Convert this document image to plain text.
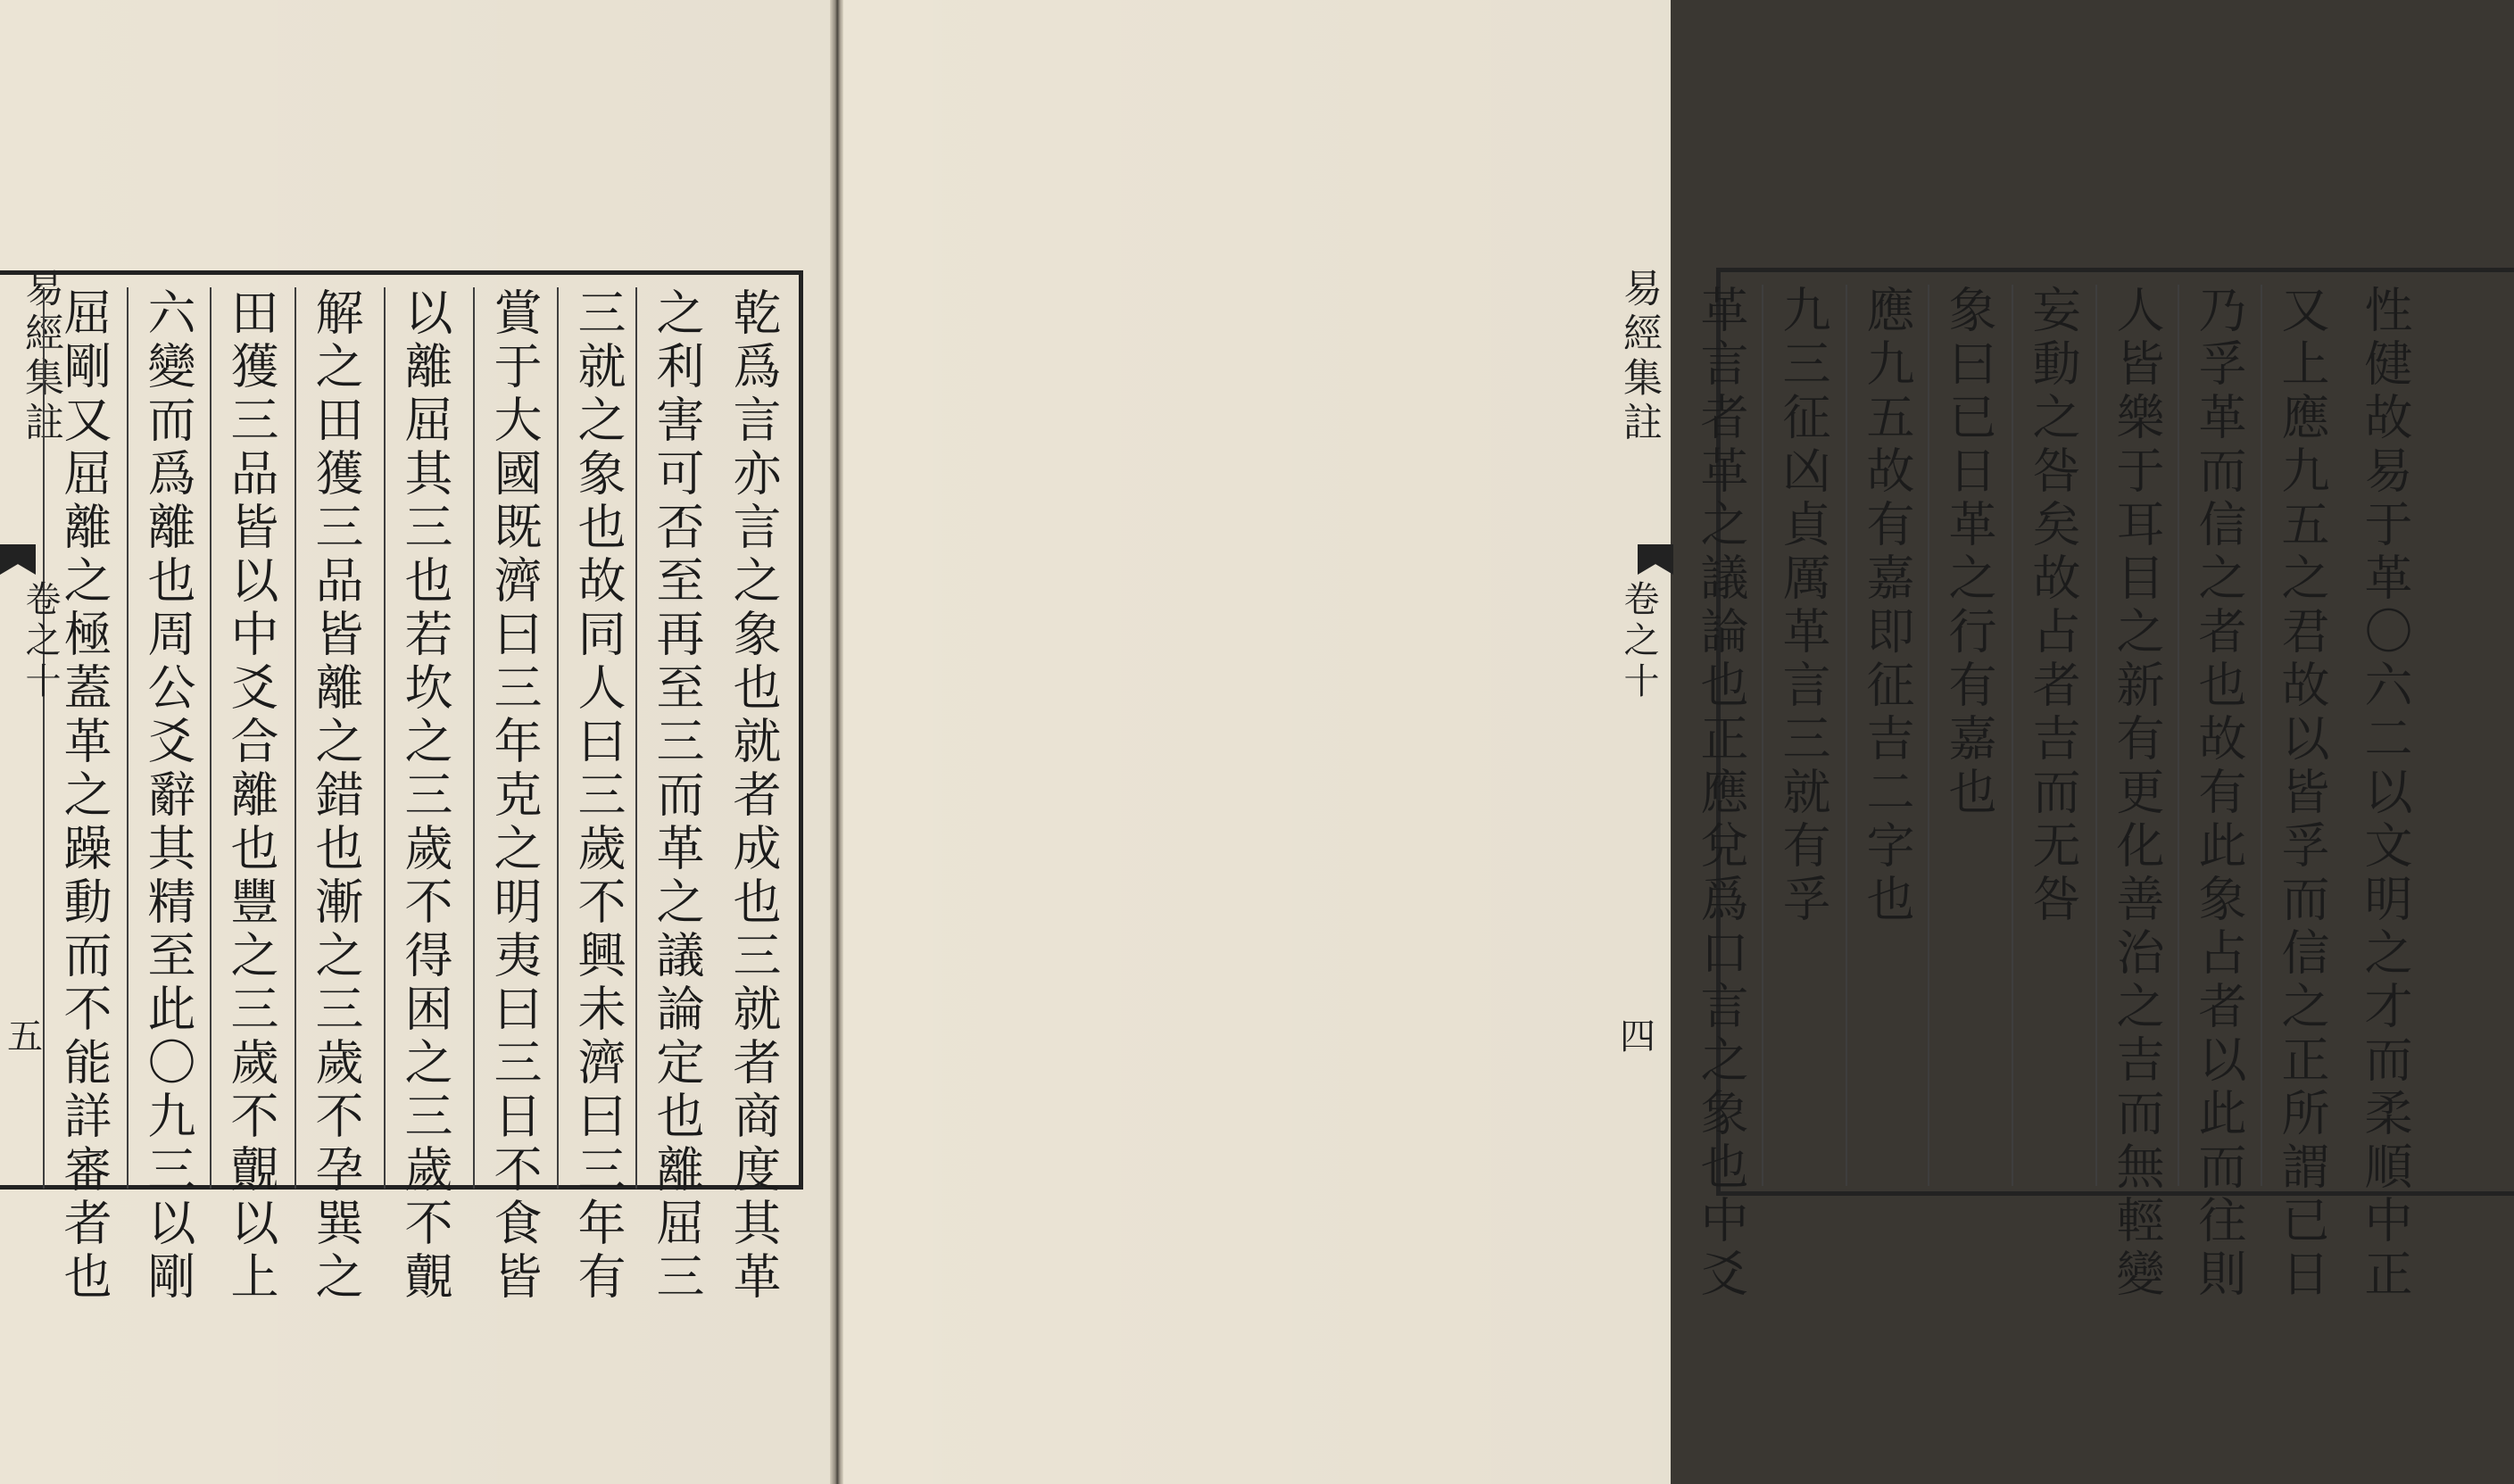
易經集註	乾爲言亦言之象也就者成也三就者商度其革
之利害可否至再至三而革之議論定也離屈三
三就之象也故同人曰三歲不興未濟曰三年有
賞于大國既濟曰三年克之明夷曰三日不食皆
以離屈其三也若坎之三歲不得困之三歲不覿
解之田獲三品皆離之錯也漸之三歲不孕巽之
田獲三品皆以中爻合離也豐之三歲不覿以上
六變而爲離也周公爻辭其精至此〇九三以剛
屈剛又屈離之極蓋革之躁動而不能詳審者也
卷之十
五	性健故易于革〇六二以文明之才而柔順中正
又上應九五之君故以皆孚而信之正所謂已日
乃孚革而信之者也故有此象占者以此而往則
人皆樂于耳目之新有更化善治之吉而無輕變
妄動之咎矣故占者吉而无咎
象曰已日革之行有嘉也
應九五故有嘉即征吉二字也
九三征凶貞厲革言三就有孚
革言者革之議論也正應兌爲口言之象也中爻
易經集註
卷之十
四
